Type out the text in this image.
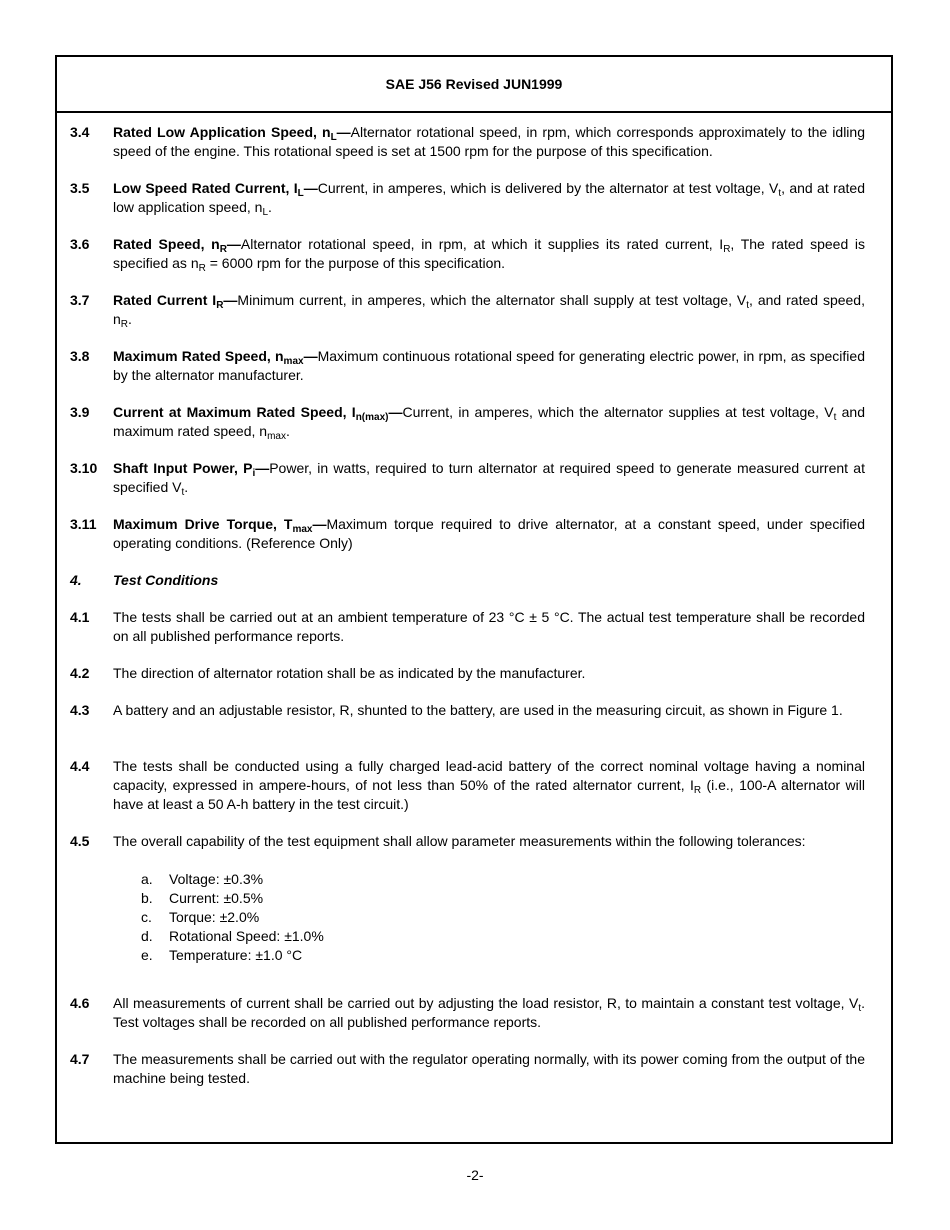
SAE J56 Revised JUN1999
3.4	Rated Low Application Speed, $n_L—Alternator$ rotational speed, in rpm, which corresponds approximately to the idling speed of the engine. This rotational speed is set at 1500 rpm for the purpose of this specification.
3.5	Low Speed Rated Current, $I_L—Current$, in amperes, which is delivered by the alternator at test voltage, $V_t$, and at rated low application speed, $n_L$.
3.6	Rated Speed, $n_R—Alternator$ rotational speed, in rpm, at which it supplies its rated current, $I_R$, The rated speed is specified as $n_R = 6000$ rpm for the purpose of this specification.
3.7	Rated Current $I_R—Minimum$ current, in amperes, which the alternator shall supply at test voltage, $V_t$, and rated speed, $n_R$.
3.8	Maximum Rated Speed, $n_{max}—Maximum$ continuous rotational speed for generating electric power, in rpm, as specified by the alternator manufacturer.
3.9	Current at Maximum Rated Speed, $I_{n(max)}—Current$, in amperes, which the alternator supplies at test voltage, $V_t$ and maximum rated speed, $n_{max}$.
3.10	Shaft Input Power, $P_i—Power$, in watts, required to turn alternator at required speed to generate measured current at specified $V_t$.
3.11	Maximum Drive Torque, $T_{max}—Maximum$ torque required to drive alternator, at a constant speed, under specified operating conditions. (Reference Only)
4.	Test Conditions
4.1	The tests shall be carried out at an ambient temperature of 23 °C ± 5 °C. The actual test temperature shall be recorded on all published performance reports.
4.2	The direction of alternator rotation shall be as indicated by the manufacturer.
4.3	A battery and an adjustable resistor, R, shunted to the battery, are used in the measuring circuit, as shown in Figure 1.
4.4	The tests shall be conducted using a fully charged lead-acid battery of the correct nominal voltage having a nominal capacity, expressed in ampere-hours, of not less than 50% of the rated alternator current, $I_R$ (i.e., 100-A alternator will have at least a 50 A-h battery in the test circuit.)
4.5	The overall capability of the test equipment shall allow parameter measurements within the following tolerances:
a.	Voltage: ±0.3%
b.	Current: ±0.5%
c.	Torque: ±2.0%
d.	Rotational Speed: ±1.0%
e.	Temperature: ±1.0 °C
4.6	All measurements of current shall be carried out by adjusting the load resistor, R, to maintain a constant test voltage, $V_t$. Test voltages shall be recorded on all published performance reports.
4.7	The measurements shall be carried out with the regulator operating normally, with its power coming from the output of the machine being tested.
-2-
